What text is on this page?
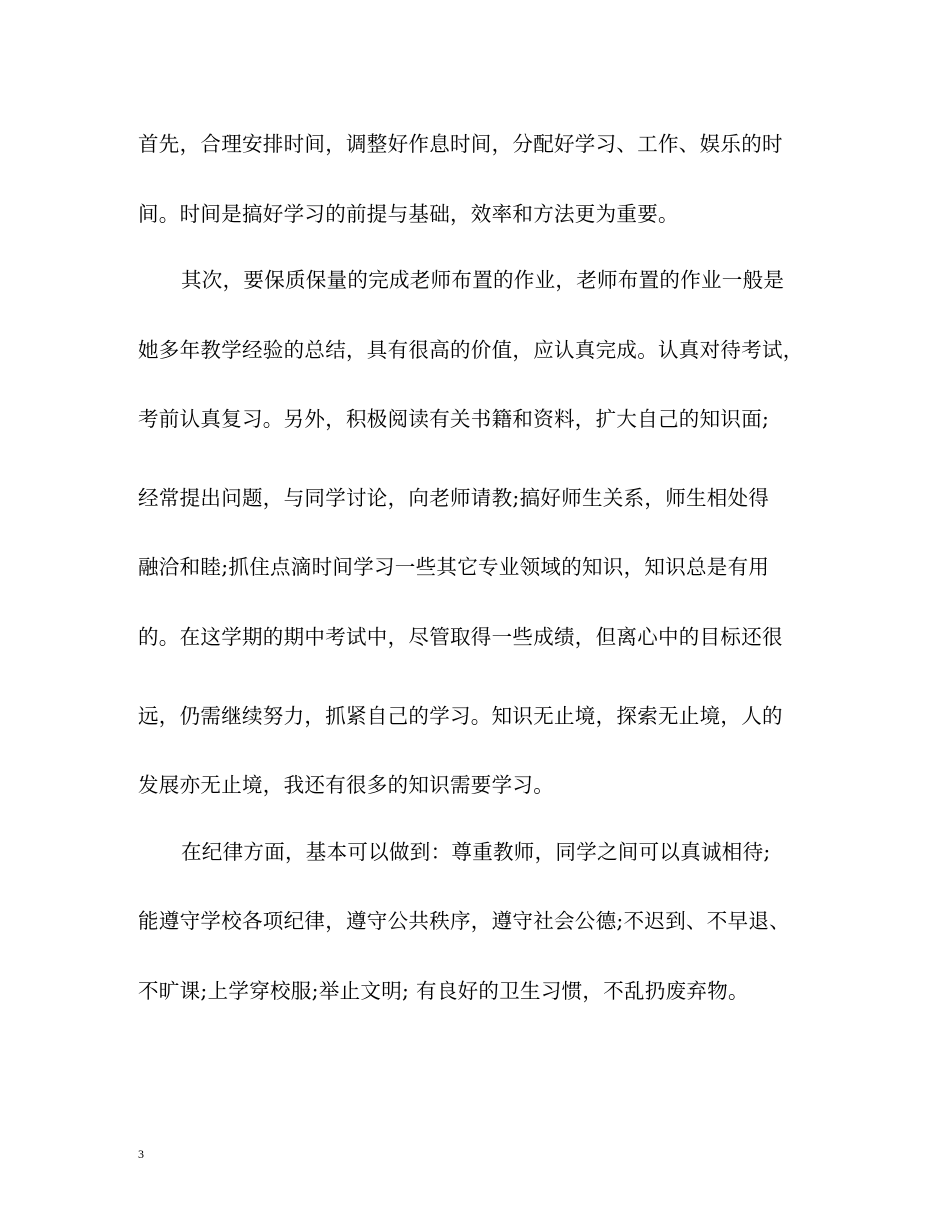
首先，合理安排时间，调整好作息时间，分配好学习、工作、娱乐的时
间。时间是搞好学习的前提与基础，效率和方法更为重要。
其次，要保质保量的完成老师布置的作业，老师布置的作业一般是
她多年教学经验的总结，具有很高的价值，应认真完成。认真对待考试，
考前认真复习。另外，积极阅读有关书籍和资料，扩大自己的知识面;
经常提出问题，与同学讨论，向老师请教;搞好师生关系，师生相处得
融洽和睦;抓住点滴时间学习一些其它专业领域的知识，知识总是有用
的。在这学期的期中考试中，尽管取得一些成绩，但离心中的目标还很
远，仍需继续努力，抓紧自己的学习。知识无止境，探索无止境，人的
发展亦无止境，我还有很多的知识需要学习。
在纪律方面，基本可以做到：尊重教师，同学之间可以真诚相待;
能遵守学校各项纪律，遵守公共秩序，遵守社会公德;不迟到、不早退、
不旷课;上学穿校服;举止文明; 有良好的卫生习惯，不乱扔废弃物。
3
